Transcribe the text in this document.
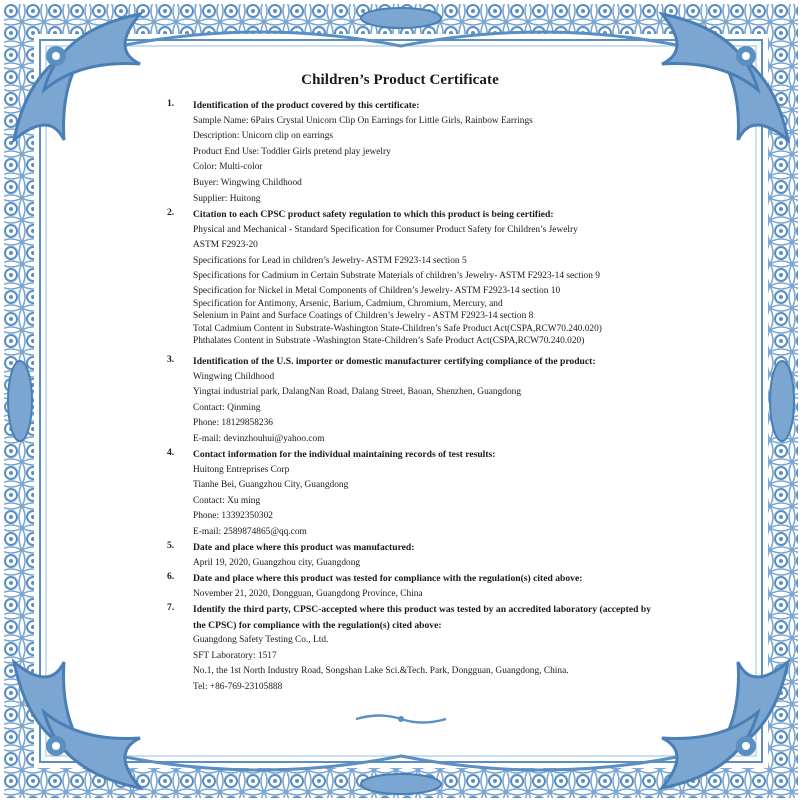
Children’s Product Certificate
1. Identification of the product covered by this certificate:
Sample Name: 6Pairs Crystal Unicorn Clip On Earrings for Little Girls, Rainbow Earrings
Description: Unicorn clip on earrings
Product End Use: Toddler Girls pretend play jewelry
Color: Multi-color
Buyer: Wingwing Childhood
Supplier: Huitong
2. Citation to each CPSC product safety regulation to which this product is being certified:
Physical and Mechanical - Standard Specification for Consumer Product Safety for Children’s Jewelry
ASTM F2923-20
Specifications for Lead in children’s Jewelry- ASTM F2923-14 section 5
Specifications for Cadmium in Certain Substrate Materials of children’s Jewelry- ASTM F2923-14 section 9
Specification for Nickel in Metal Components of Children’s Jewelry- ASTM F2923-14 section 10
Specification for Antimony, Arsenic, Barium, Cadmium, Chromium, Mercury, and
Selenium in Paint and Surface Coatings of Children’s Jewelry - ASTM F2923-14 section 8
Total Cadmium Content in Substrate-Washington State-Children’s Safe Product Act(CSPA,RCW70.240.020)
Phthalates Content in Substrate -Washington State-Children’s Safe Product Act(CSPA,RCW70.240.020)
3. Identification of the U.S. importer or domestic manufacturer certifying compliance of the product:
Wingwing Childhood
Yingtai industrial park, DalangNan Road, Dalang Street, Baoan, Shenzhen, Guangdong
Contact: Qinming
Phone: 18129858236
E-mail: devinzhouhui@yahoo.com
4. Contact information for the individual maintaining records of test results:
Huitong Entreprises Corp
Tianhe Bei, Guangzhou City, Guangdong
Contact: Xu ming
Phone: 13392350302
E-mail: 2589874865@qq.com
5. Date and place where this product was manufactured:
April 19, 2020, Guangzhou city, Guangdong
6. Date and place where this product was tested for compliance with the regulation(s) cited above:
November 21, 2020, Dongguan, Guangdong Province, China
7. Identify the third party, CPSC-accepted where this product was tested by an accredited laboratory (accepted by the CPSC) for compliance with the regulation(s) cited above:
Guangdong Safety Testing Co., Ltd.
SFT Laboratory: 1517
No.1, the 1st North Industry Road, Songshan Lake Sci.&Tech. Park, Dongguan, Guangdong, China.
Tel: +86-769-23105888
